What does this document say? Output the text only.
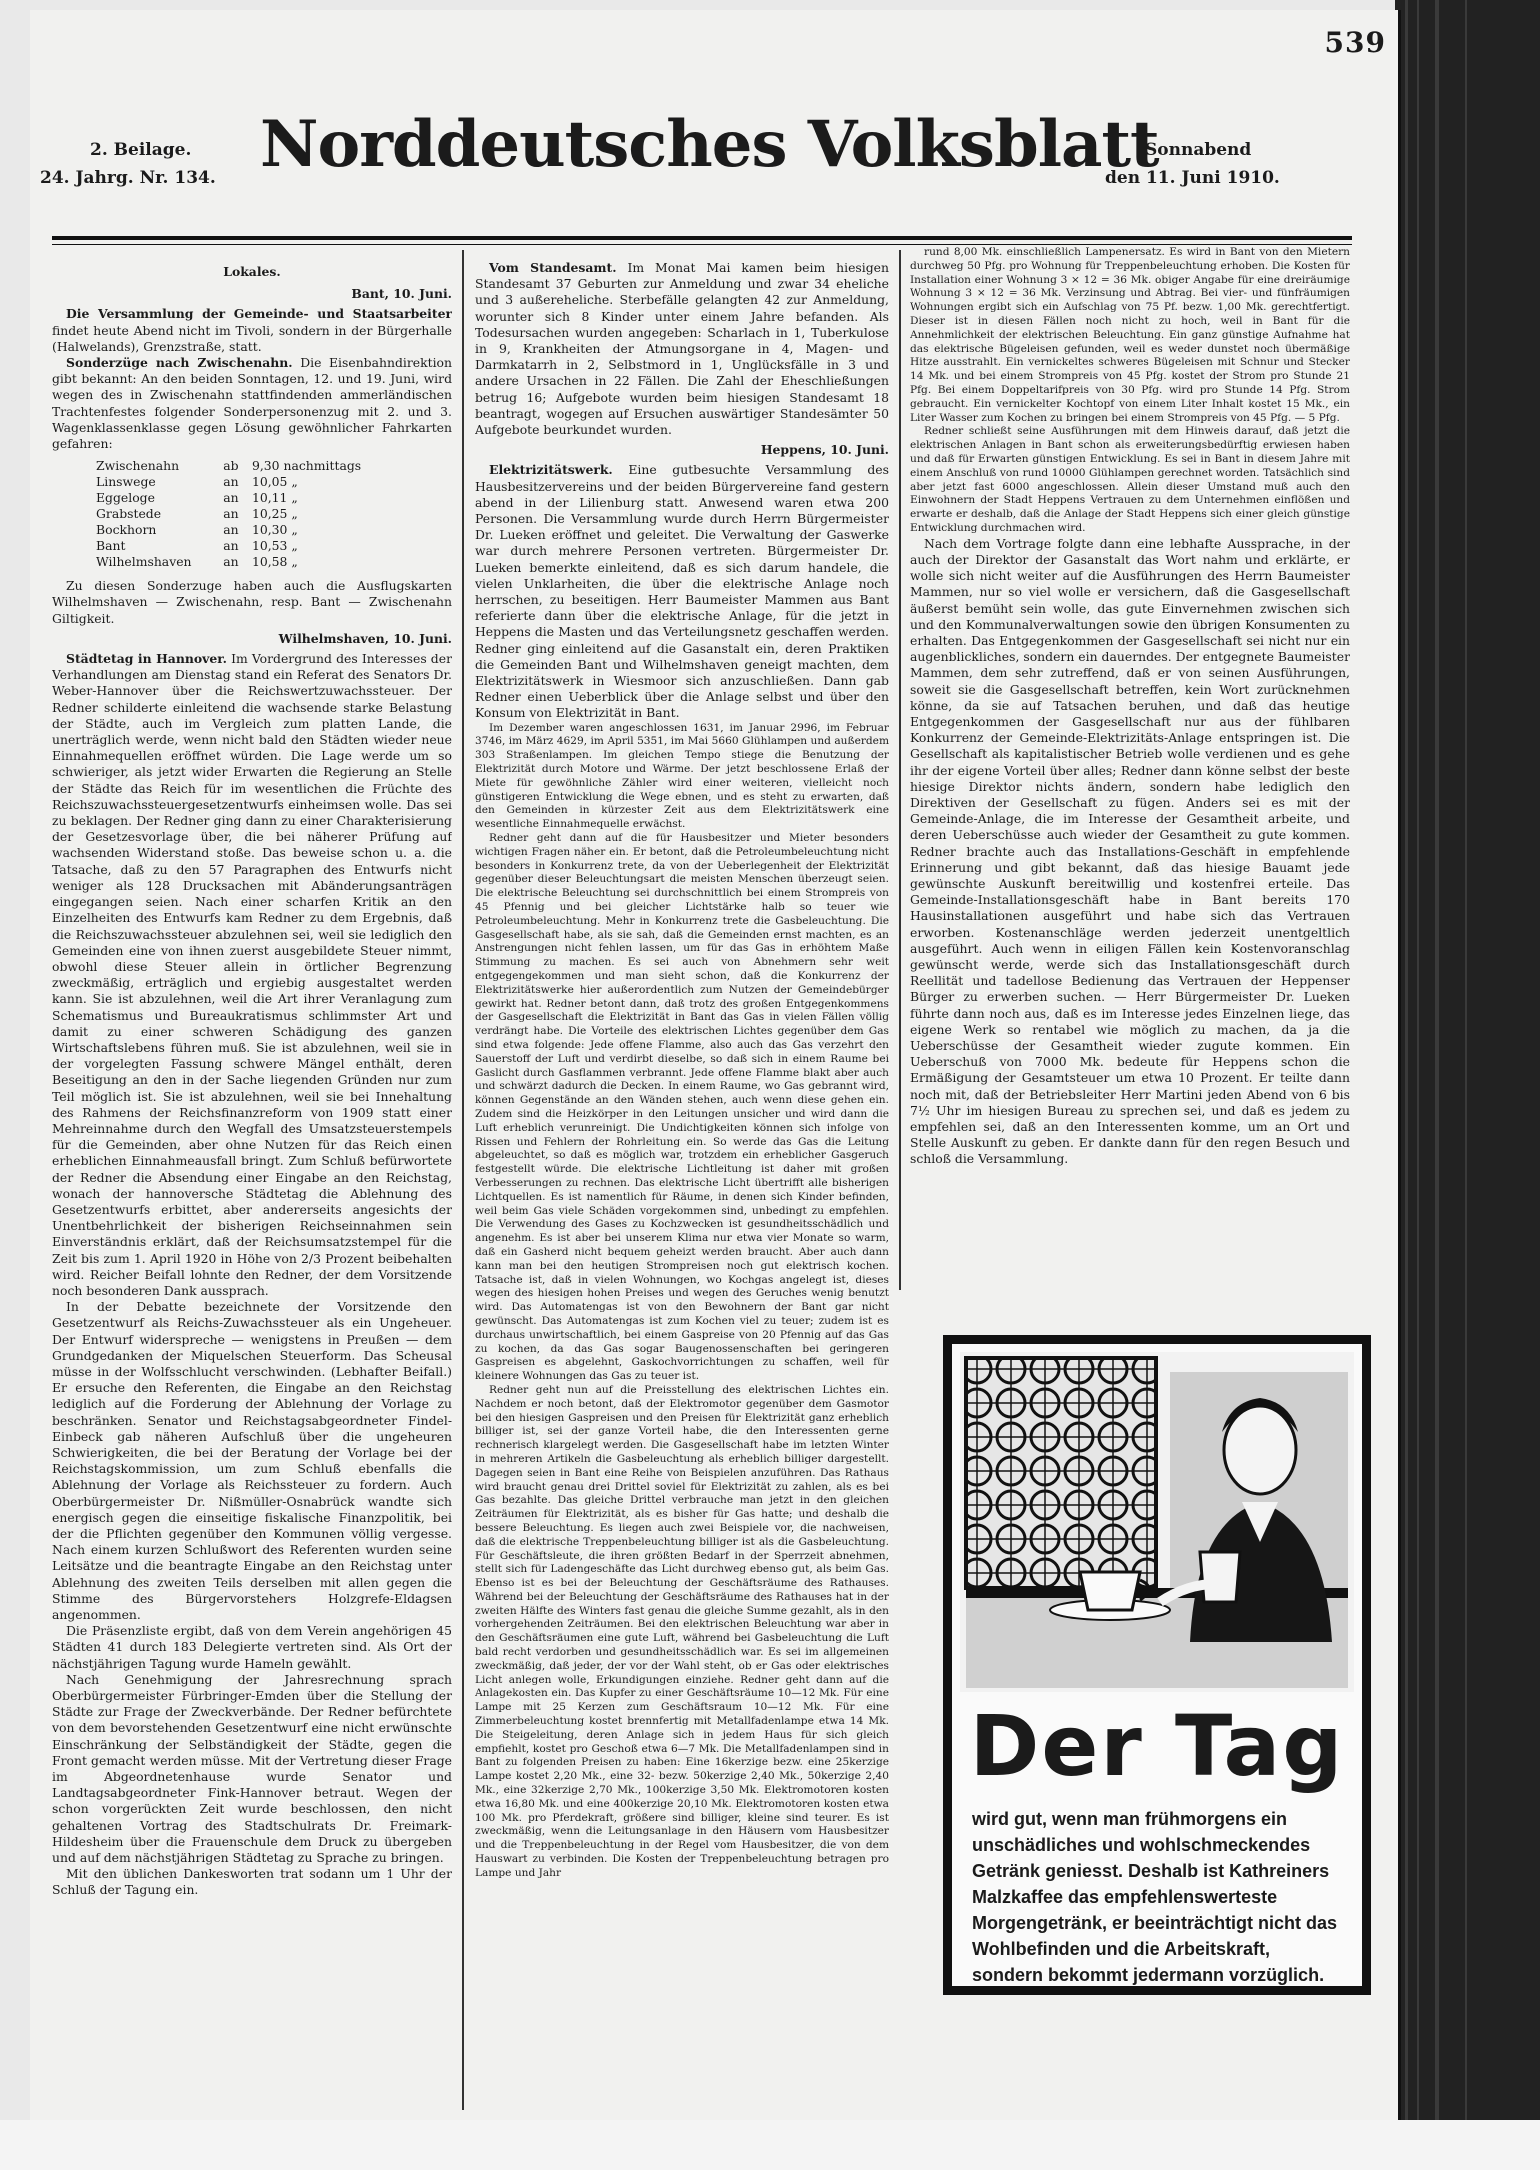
539
2. Beilage.
24. Jahrg. Nr. 134. Norddeutsches Volksblatt
Sonnabend
den 11. Juni 1910.

Lokales.

Bant, 10. Juni.

Die Versammlung der Gemeinde- und Staatsarbeiter findet heute Abend nicht im Tivoli, sondern in der Bürgerhalle (Halwelands), Grenzstraße, statt.

Sonderzüge nach Zwischenahn. Die Eisenbahndirektion gibt bekannt: An den beiden Sonntagen, 12. und 19. Juni, wird wegen des in Zwischenahn stattfindenden ammerländischen Trachtenfestes folgender Sonderpersonenzug mit 2. und 3. Wagenklassenklasse gegen Lösung gewöhnlicher Fahrkarten gefahren:

Zwischenahn	ab	9,30 nachmittags
Linswege	an	10,05 „
Eggeloge	an	10,11 „
Grabstede	an	10,25 „
Bockhorn	an	10,30 „
Bant	an	10,53 „
Wilhelmshaven	an	10,58 „

Zu diesen Sonderzuge haben auch die Ausflugskarten Wilhelmshaven — Zwischenahn, resp. Bant — Zwischenahn Giltigkeit.

Wilhelmshaven, 10. Juni.

Städtetag in Hannover. Im Vordergrund des Interesses der Verhandlungen am Dienstag stand ein Referat des Senators Dr. Weber-Hannover über die Reichswertzuwachssteuer. Der Redner schilderte einleitend die wachsende starke Belastung der Städte, auch im Vergleich zum platten Lande, die unerträglich werde, wenn nicht bald den Städten wieder neue Einnahmequellen eröffnet würden. Die Lage werde um so schwieriger, als jetzt wider Erwarten die Regierung an Stelle der Städte das Reich für im wesentlichen die Früchte des Reichszuwachssteuergesetzentwurfs einheimsen wolle. Das sei zu beklagen. Der Redner ging dann zu einer Charakterisierung der Gesetzesvorlage über, die bei näherer Prüfung auf wachsenden Widerstand stoße. Das beweise schon u. a. die Tatsache, daß zu den 57 Paragraphen des Entwurfs nicht weniger als 128 Drucksachen mit Abänderungsanträgen eingegangen seien. Nach einer scharfen Kritik an den Einzelheiten des Entwurfs kam Redner zu dem Ergebnis, daß die Reichszuwachssteuer abzulehnen sei, weil sie lediglich den Gemeinden eine von ihnen zuerst ausgebildete Steuer nimmt, obwohl diese Steuer allein in örtlicher Begrenzung zweckmäßig, erträglich und ergiebig ausgestaltet werden kann. Sie ist abzulehnen, weil die Art ihrer Veranlagung zum Schematismus und Bureaukratismus schlimmster Art und damit zu einer schweren Schädigung des ganzen Wirtschaftslebens führen muß. Sie ist abzulehnen, weil sie in der vorgelegten Fassung schwere Mängel enthält, deren Beseitigung an den in der Sache liegenden Gründen nur zum Teil möglich ist. Sie ist abzulehnen, weil sie bei Innehaltung des Rahmens der Reichsfinanzreform von 1909 statt einer Mehreinnahme durch den Wegfall des Umsatzsteuerstempels für die Gemeinden, aber ohne Nutzen für das Reich einen erheblichen Einnahmeausfall bringt. Zum Schluß befürwortete der Redner die Absendung einer Eingabe an den Reichstag, wonach der hannoversche Städtetag die Ablehnung des Gesetzentwurfs erbittet, aber andererseits angesichts der Unentbehrlichkeit der bisherigen Reichseinnahmen sein Einverständnis erklärt, daß der Reichsumsatzstempel für die Zeit bis zum 1. April 1920 in Höhe von 2/3 Prozent beibehalten wird. Reicher Beifall lohnte den Redner, der dem Vorsitzende noch besonderen Dank aussprach.

In der Debatte bezeichnete der Vorsitzende den Gesetzentwurf als Reichs-Zuwachssteuer als ein Ungeheuer. Der Entwurf widerspreche — wenigstens in Preußen — dem Grundgedanken der Miquelschen Steuerform. Das Scheusal müsse in der Wolfsschlucht verschwinden. (Lebhafter Beifall.) Er ersuche den Referenten, die Eingabe an den Reichstag lediglich auf die Forderung der Ablehnung der Vorlage zu beschränken. Senator und Reichstagsabgeordneter Findel-Einbeck gab näheren Aufschluß über die ungeheuren Schwierigkeiten, die bei der Beratung der Vorlage bei der Reichstagskommission, um zum Schluß ebenfalls die Ablehnung der Vorlage als Reichssteuer zu fordern. Auch Oberbürgermeister Dr. Nißmüller-Osnabrück wandte sich energisch gegen die einseitige fiskalische Finanzpolitik, bei der die Pflichten gegenüber den Kommunen völlig vergesse. Nach einem kurzen Schlußwort des Referenten wurden seine Leitsätze und die beantragte Eingabe an den Reichstag unter Ablehnung des zweiten Teils derselben mit allen gegen die Stimme des Bürgervorstehers Holzgrefe-Eldagsen angenommen.

Die Präsenzliste ergibt, daß von dem Verein angehörigen 45 Städten 41 durch 183 Delegierte vertreten sind. Als Ort der nächstjährigen Tagung wurde Hameln gewählt.

Nach Genehmigung der Jahresrechnung sprach Oberbürgermeister Fürbringer-Emden über die Stellung der Städte zur Frage der Zweckverbände. Der Redner befürchtete von dem bevorstehenden Gesetzentwurf eine nicht erwünschte Einschränkung der Selbständigkeit der Städte, gegen die Front gemacht werden müsse. Mit der Vertretung dieser Frage im Abgeordnetenhause wurde Senator und Landtagsabgeordneter Fink-Hannover betraut. Wegen der schon vorgerückten Zeit wurde beschlossen, den nicht gehaltenen Vortrag des Stadtschulrats Dr. Freimark-Hildesheim über die Frauenschule dem Druck zu übergeben und auf dem nächstjährigen Städtetag zu Sprache zu bringen.

Mit den üblichen Dankesworten trat sodann um 1 Uhr der Schluß der Tagung ein.

Vom Standesamt. Im Monat Mai kamen beim hiesigen Standesamt 37 Geburten zur Anmeldung und zwar 34 eheliche und 3 außereheliche. Sterbefälle gelangten 42 zur Anmeldung, worunter sich 8 Kinder unter einem Jahre befanden. Als Todesursachen wurden angegeben: Scharlach in 1, Tuberkulose in 9, Krankheiten der Atmungsorgane in 4, Magen- und Darmkatarrh in 2, Selbstmord in 1, Unglücksfälle in 3 und andere Ursachen in 22 Fällen. Die Zahl der Eheschließungen betrug 16; Aufgebote wurden beim hiesigen Standesamt 18 beantragt, wogegen auf Ersuchen auswärtiger Standesämter 50 Aufgebote beurkundet wurden.

Heppens, 10. Juni.

Elektrizitätswerk. Eine gutbesuchte Versammlung des Hausbesitzervereins und der beiden Bürgervereine fand gestern abend in der Lilienburg statt. Anwesend waren etwa 200 Personen. Die Versammlung wurde durch Herrn Bürgermeister Dr. Lueken eröffnet und geleitet. Die Verwaltung der Gaswerke war durch mehrere Personen vertreten. Bürgermeister Dr. Lueken bemerkte einleitend, daß es sich darum handele, die vielen Unklarheiten, die über die elektrische Anlage noch herrschen, zu beseitigen. Herr Baumeister Mammen aus Bant referierte dann über die elektrische Anlage, für die jetzt in Heppens die Masten und das Verteilungsnetz geschaffen werden. Redner ging einleitend auf die Gasanstalt ein, deren Praktiken die Gemeinden Bant und Wilhelmshaven geneigt machten, dem Elektrizitätswerk in Wiesmoor sich anzuschließen. Dann gab Redner einen Ueberblick über die Anlage selbst und über den Konsum von Elektrizität in Bant.

Im Dezember waren angeschlossen 1631, im Januar 2996, im Februar 3746, im März 4629, im April 5351, im Mai 5660 Glühlampen und außerdem 303 Straßenlampen. Im gleichen Tempo stiege die Benutzung der Elektrizität durch Motore und Wärme. Der jetzt beschlossene Erlaß der Miete für gewöhnliche Zähler wird einer weiteren, vielleicht noch günstigeren Entwicklung die Wege ebnen, und es steht zu erwarten, daß den Gemeinden in kürzester Zeit aus dem Elektrizitätswerk eine wesentliche Einnahmequelle erwächst.

Redner geht dann auf die für Hausbesitzer und Mieter besonders wichtigen Fragen näher ein. Er betont, daß die Petroleumbeleuchtung nicht besonders in Konkurrenz trete, da von der Ueberlegenheit der Elektrizität gegenüber dieser Beleuchtungsart die meisten Menschen überzeugt seien. Die elektrische Beleuchtung sei durchschnittlich bei einem Strompreis von 45 Pfennig und bei gleicher Lichtstärke halb so teuer wie Petroleumbeleuchtung. Mehr in Konkurrenz trete die Gasbeleuchtung. Die Gasgesellschaft habe, als sie sah, daß die Gemeinden ernst machten, es an Anstrengungen nicht fehlen lassen, um für das Gas in erhöhtem Maße Stimmung zu machen. Es sei auch von Abnehmern sehr weit entgegengekommen und man sieht schon, daß die Konkurrenz der Elektrizitätswerke hier außerordentlich zum Nutzen der Gemeindebürger gewirkt hat. Redner betont dann, daß trotz des großen Entgegenkommens der Gasgesellschaft die Elektrizität in Bant das Gas in vielen Fällen völlig verdrängt habe. Die Vorteile des elektrischen Lichtes gegenüber dem Gas sind etwa folgende: Jede offene Flamme, also auch das Gas verzehrt den Sauerstoff der Luft und verdirbt dieselbe, so daß sich in einem Raume bei Gaslicht durch Gasflammen verbrannt. Jede offene Flamme blakt aber auch und schwärzt dadurch die Decken. In einem Raume, wo Gas gebrannt wird, können Gegenstände an den Wänden stehen, auch wenn diese gehen ein. Zudem sind die Heizkörper in den Leitungen unsicher und wird dann die Luft erheblich verunreinigt. Die Undichtigkeiten können sich infolge von Rissen und Fehlern der Rohrleitung ein. So werde das Gas die Leitung abgeleuchtet, so daß es möglich war, trotzdem ein erheblicher Gasgeruch festgestellt würde. Die elektrische Lichtleitung ist daher mit großen Verbesserungen zu rechnen. Das elektrische Licht übertrifft alle bisherigen Lichtquellen. Es ist namentlich für Räume, in denen sich Kinder befinden, weil beim Gas viele Schäden vorgekommen sind, unbedingt zu empfehlen. Die Verwendung des Gases zu Kochzwecken ist gesundheitsschädlich und angenehm. Es ist aber bei unserem Klima nur etwa vier Monate so warm, daß ein Gasherd nicht bequem geheizt werden braucht. Aber auch dann kann man bei den heutigen Strompreisen noch gut elektrisch kochen. Tatsache ist, daß in vielen Wohnungen, wo Kochgas angelegt ist, dieses wegen des hiesigen hohen Preises und wegen des Geruches wenig benutzt wird. Das Automatengas ist von den Bewohnern der Bant gar nicht gewünscht. Das Automatengas ist zum Kochen viel zu teuer; zudem ist es durchaus unwirtschaftlich, bei einem Gaspreise von 20 Pfennig auf das Gas zu kochen, da das Gas sogar Baugenossenschaften bei geringeren Gaspreisen es abgelehnt, Gaskochvorrichtungen zu schaffen, weil für kleinere Wohnungen das Gas zu teuer ist.

Redner geht nun auf die Preisstellung des elektrischen Lichtes ein. Nachdem er noch betont, daß der Elektromotor gegenüber dem Gasmotor bei den hiesigen Gaspreisen und den Preisen für Elektrizität ganz erheblich billiger ist, sei der ganze Vorteil habe, die den Interessenten gerne rechnerisch klargelegt werden. Die Gasgesellschaft habe im letzten Winter in mehreren Artikeln die Gasbeleuchtung als erheblich billiger dargestellt. Dagegen seien in Bant eine Reihe von Beispielen anzuführen. Das Rathaus wird braucht genau drei Drittel soviel für Elektrizität zu zahlen, als es bei Gas bezahlte. Das gleiche Drittel verbrauche man jetzt in den gleichen Zeiträumen für Elektrizität, als es bisher für Gas hatte; und deshalb die bessere Beleuchtung. Es liegen auch zwei Beispiele vor, die nachweisen, daß die elektrische Treppenbeleuchtung billiger ist als die Gasbeleuchtung. Für Geschäftsleute, die ihren größten Bedarf in der Sperrzeit abnehmen, stellt sich für Ladengeschäfte das Licht durchweg ebenso gut, als beim Gas. Ebenso ist es bei der Beleuchtung der Geschäftsräume des Rathauses. Während bei der Beleuchtung der Geschäftsräume des Rathauses hat in der zweiten Hälfte des Winters fast genau die gleiche Summe gezahlt, als in den vorhergehenden Zeiträumen. Bei den elektrischen Beleuchtung war aber in den Geschäftsräumen eine gute Luft, während bei Gasbeleuchtung die Luft bald recht verdorben und gesundheitsschädlich war. Es sei im allgemeinen zweckmäßig, daß jeder, der vor der Wahl steht, ob er Gas oder elektrisches Licht anlegen wolle, Erkundigungen einziehe. Redner geht dann auf die Anlagekosten ein. Das Kupfer zu einer Geschäftsräume 10—12 Mk. Für eine Lampe mit 25 Kerzen zum Geschäftsraum 10—12 Mk. Für eine Zimmerbeleuchtung kostet brennfertig mit Metallfadenlampe etwa 14 Mk. Die Steigeleitung, deren Anlage sich in jedem Haus für sich gleich empfiehlt, kostet pro Geschoß etwa 6—7 Mk. Die Metallfadenlampen sind in Bant zu folgenden Preisen zu haben: Eine 16kerzige bezw. eine 25kerzige Lampe kostet 2,20 Mk., eine 32- bezw. 50kerzige 2,40 Mk., 50kerzige 2,40 Mk., eine 32kerzige 2,70 Mk., 100kerzige 3,50 Mk. Elektromotoren kosten etwa 16,80 Mk. und eine 400kerzige 20,10 Mk. Elektromotoren kosten etwa 100 Mk. pro Pferdekraft, größere sind billiger, kleine sind teurer. Es ist zweckmäßig, wenn die Leitungsanlage in den Häusern vom Hausbesitzer und die Treppenbeleuchtung in der Regel vom Hausbesitzer, die von dem Hauswart zu verbinden. Die Kosten der Treppenbeleuchtung betragen pro Lampe und Jahr

rund 8,00 Mk. einschließlich Lampenersatz. Es wird in Bant von den Mietern durchweg 50 Pfg. pro Wohnung für Treppenbeleuchtung erhoben. Die Kosten für Installation einer Wohnung 3 × 12 = 36 Mk. obiger Angabe für eine dreiräumige Wohnung 3 × 12 = 36 Mk. Verzinsung und Abtrag. Bei vier- und fünfräumigen Wohnungen ergibt sich ein Aufschlag von 75 Pf. bezw. 1,00 Mk. gerechtfertigt. Dieser ist in diesen Fällen noch nicht zu hoch, weil in Bant für die Annehmlichkeit der elektrischen Beleuchtung. Ein ganz günstige Aufnahme hat das elektrische Bügeleisen gefunden, weil es weder dunstet noch übermäßige Hitze ausstrahlt. Ein vernickeltes schweres Bügeleisen mit Schnur und Stecker 14 Mk. und bei einem Strompreis von 45 Pfg. kostet der Strom pro Stunde 21 Pfg. Bei einem Doppeltarifpreis von 30 Pfg. wird pro Stunde 14 Pfg. Strom gebraucht. Ein vernickelter Kochtopf von einem Liter Inhalt kostet 15 Mk., ein Liter Wasser zum Kochen zu bringen bei einem Strompreis von 45 Pfg. — 5 Pfg.

Redner schließt seine Ausführungen mit dem Hinweis darauf, daß jetzt die elektrischen Anlagen in Bant schon als erweiterungsbedürftig erwiesen haben und daß für Erwarten günstigen Entwicklung. Es sei in Bant in diesem Jahre mit einem Anschluß von rund 10000 Glühlampen gerechnet worden. Tatsächlich sind aber jetzt fast 6000 angeschlossen. Allein dieser Umstand muß auch den Einwohnern der Stadt Heppens Vertrauen zu dem Unternehmen einflößen und erwarte er deshalb, daß die Anlage der Stadt Heppens sich einer gleich günstige Entwicklung durchmachen wird.

Nach dem Vortrage folgte dann eine lebhafte Aussprache, in der auch der Direktor der Gasanstalt das Wort nahm und erklärte, er wolle sich nicht weiter auf die Ausführungen des Herrn Baumeister Mammen, nur so viel wolle er versichern, daß die Gasgesellschaft äußerst bemüht sein wolle, das gute Einvernehmen zwischen sich und den Kommunalverwaltungen sowie den übrigen Konsumenten zu erhalten. Das Entgegenkommen der Gasgesellschaft sei nicht nur ein augenblickliches, sondern ein dauerndes. Der entgegnete Baumeister Mammen, dem sehr zutreffend, daß er von seinen Ausführungen, soweit sie die Gasgesellschaft betreffen, kein Wort zurücknehmen könne, da sie auf Tatsachen beruhen, und daß das heutige Entgegenkommen der Gasgesellschaft nur aus der fühlbaren Konkurrenz der Gemeinde-Elektrizitäts-Anlage entspringen ist. Die Gesellschaft als kapitalistischer Betrieb wolle verdienen und es gehe ihr der eigene Vorteil über alles; Redner dann könne selbst der beste hiesige Direktor nichts ändern, sondern habe lediglich den Direktiven der Gesellschaft zu fügen. Anders sei es mit der Gemeinde-Anlage, die im Interesse der Gesamtheit arbeite, und deren Ueberschüsse auch wieder der Gesamtheit zu gute kommen. Redner brachte auch das Installations-Geschäft in empfehlende Erinnerung und gibt bekannt, daß das hiesige Bauamt jede gewünschte Auskunft bereitwillig und kostenfrei erteile. Das Gemeinde-Installationsgeschäft habe in Bant bereits 170 Hausinstallationen ausgeführt und habe sich das Vertrauen erworben. Kostenanschläge werden jederzeit unentgeltlich ausgeführt. Auch wenn in eiligen Fällen kein Kostenvoranschlag gewünscht werde, werde sich das Installationsgeschäft durch Reellität und tadellose Bedienung das Vertrauen der Heppenser Bürger zu erwerben suchen. — Herr Bürgermeister Dr. Lueken führte dann noch aus, daß es im Interesse jedes Einzelnen liege, das eigene Werk so rentabel wie möglich zu machen, da ja die Ueberschüsse der Gesamtheit wieder zugute kommen. Ein Ueberschuß von 7000 Mk. bedeute für Heppens schon die Ermäßigung der Gesamtsteuer um etwa 10 Prozent. Er teilte dann noch mit, daß der Betriebsleiter Herr Martini jeden Abend von 6 bis 7½ Uhr im hiesigen Bureau zu sprechen sei, und daß es jedem zu empfehlen sei, daß an den Interessenten komme, um an Ort und Stelle Auskunft zu geben. Er dankte dann für den regen Besuch und schloß die Versammlung.

Der Tag
wird gut, wenn man frühmorgens ein unschädliches und wohlschmeckendes Getränk geniesst. Deshalb ist Kathreiners Malzkaffee das empfehlenswerteste Morgengetränk, er beeinträchtigt nicht das Wohlbefinden und die Arbeitskraft, sondern bekommt jedermann vorzüglich.
